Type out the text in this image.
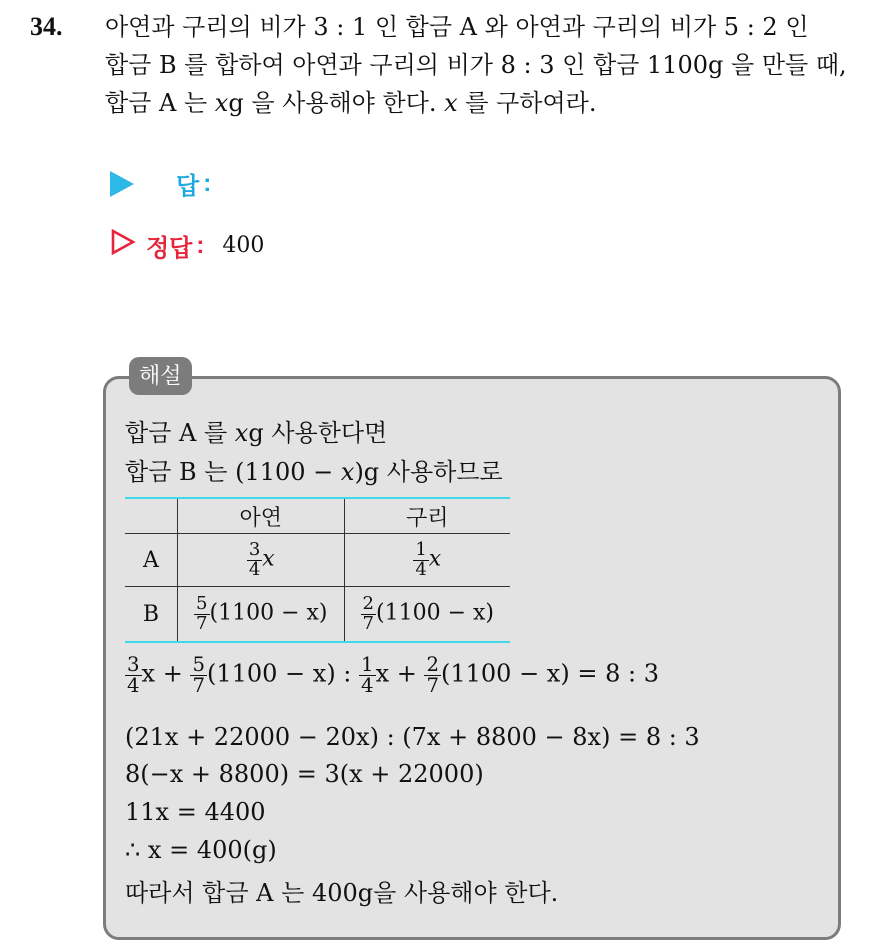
34. 아연과 구리의 비가 3 : 1 인 합금 A 와 아연과 구리의 비가 5 : 2 인
합금 B 를 합하여 아연과 구리의 비가 8 : 3 인 합금 1100g 을 만들 때,
합금 A 는 xg 을 사용해야 한다. x 를 구하여라.
답 :
정답 : 400
해설
합금 A 를 xg 사용한다면
합금 B 는 (1100 − x)g 사용하므로
	아연	구리
A	$\frac{3}{4}$ x	$\frac{1}{4}$ x
B	$\frac{5}{7} (1100 - x)$	$\frac{2}{7} (1100 - x)$
$\frac{3}{4}$ $x + \frac{5}{7} (1100 - x)$ : $\frac{1}{4}$ $x + \frac{2}{7} (1100 - x) = 8$ : 3
(21x + 22000 − 20x) : (7x + 8800 − 8x) = 8 : 3
8(−x + 8800) = 3(x + 22000)
11x = 4400
∴ x = 400(g)
따라서 합금 A 는 400g을 사용해야 한다.
